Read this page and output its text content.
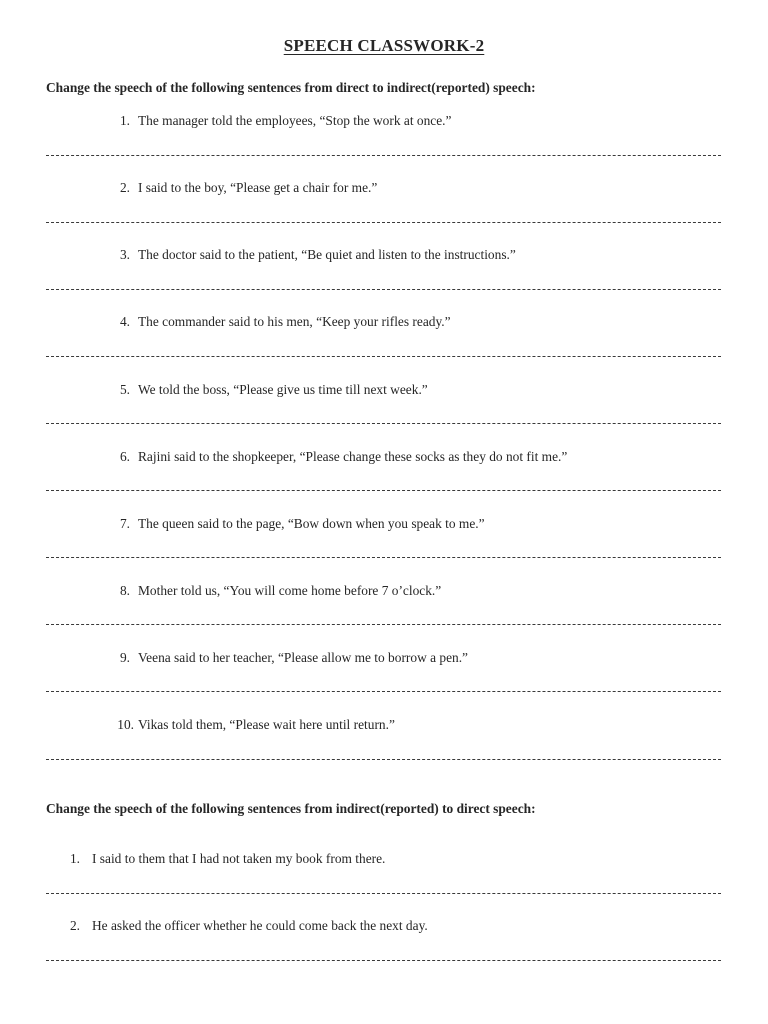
SPEECH CLASSWORK-2
Change the speech of the following sentences from direct to indirect(reported) speech:
1. The manager told the employees, “Stop the work at once.”
2. I said to the boy, “Please get a chair for me.”
3. The doctor said to the patient, “Be quiet and listen to the instructions.”
4. The commander said to his men, “Keep your rifles ready.”
5. We told the boss, “Please give us time till next week.”
6. Rajini said to the shopkeeper, “Please change these socks as they do not fit me.”
7. The queen said to the page, “Bow down when you speak to me.”
8. Mother told us, “You will come home before 7 o’clock.”
9. Veena said to her teacher, “Please allow me to borrow a pen.”
10. Vikas told them, “Please wait here until return.”
Change the speech of the following sentences from indirect(reported) to direct speech:
1. I said to them that I had not taken my book from there.
2. He asked the officer whether he could come back the next day.
